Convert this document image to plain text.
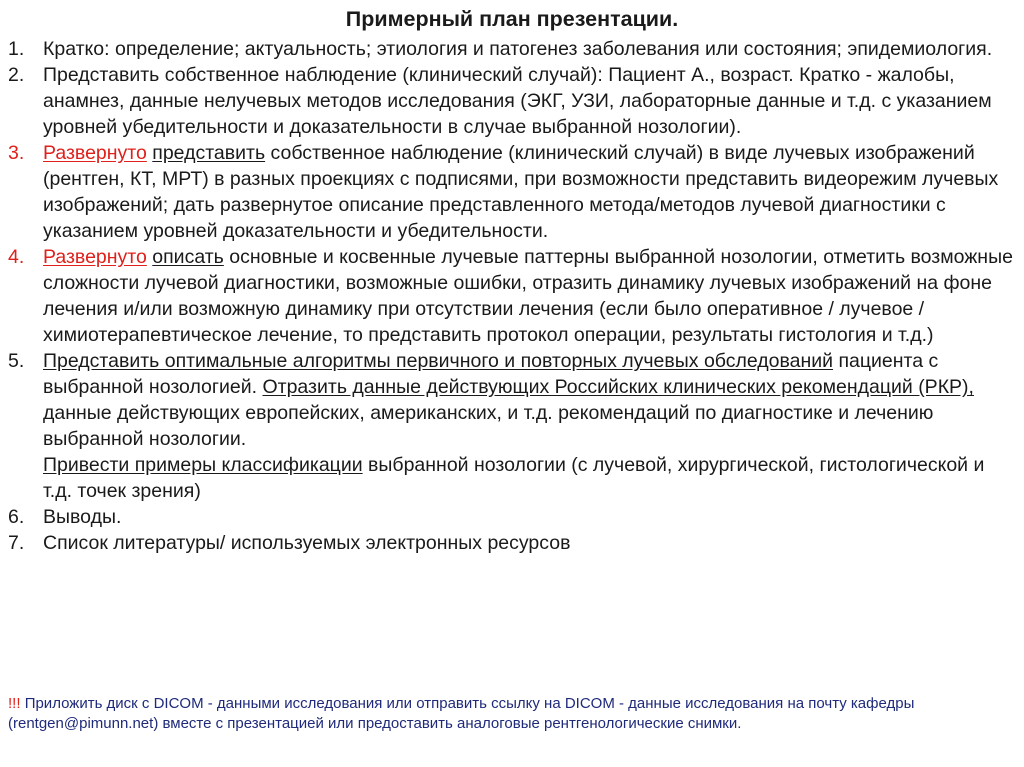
Примерный план презентации.
1. Кратко: определение; актуальность; этиология и патогенез заболевания или состояния; эпидемиология.
2. Представить собственное наблюдение (клинический случай): Пациент А., возраст. Кратко - жалобы, анамнез, данные нелучевых методов исследования (ЭКГ, УЗИ, лабораторные данные и т.д. с указанием уровней убедительности и доказательности в случае выбранной нозологии).
3. Развернуто представить собственное наблюдение (клинический случай) в виде лучевых изображений (рентген, КТ, МРТ) в разных проекциях с подписями, при возможности представить видеорежим лучевых изображений; дать развернутое описание представленного метода/методов лучевой диагностики с указанием уровней доказательности и убедительности.
4. Развернуто описать основные и косвенные лучевые паттерны выбранной нозологии, отметить возможные сложности лучевой диагностики, возможные ошибки, отразить динамику лучевых изображений на фоне лечения и/или возможную динамику при отсутствии лечения (если было оперативное / лучевое / химиотерапевтическое лечение, то представить протокол операции, результаты гистология и т.д.)
5. Представить оптимальные алгоритмы первичного и повторных лучевых обследований пациента с выбранной нозологией. Отразить данные действующих Российских клинических рекомендаций (РКР), данные действующих европейских, американских, и т.д. рекомендаций по диагностике и лечению выбранной нозологии.
Привести примеры классификации выбранной нозологии (с лучевой, хирургической, гистологической и т.д. точек зрения)
6. Выводы.
7. Список литературы/ используемых электронных ресурсов
!!! Приложить диск с DICOM - данными исследования или отправить ссылку на DICOM - данные исследования на почту кафедры (rentgen@pimunn.net) вместе с презентацией или предоставить аналоговые рентгенологические снимки.
